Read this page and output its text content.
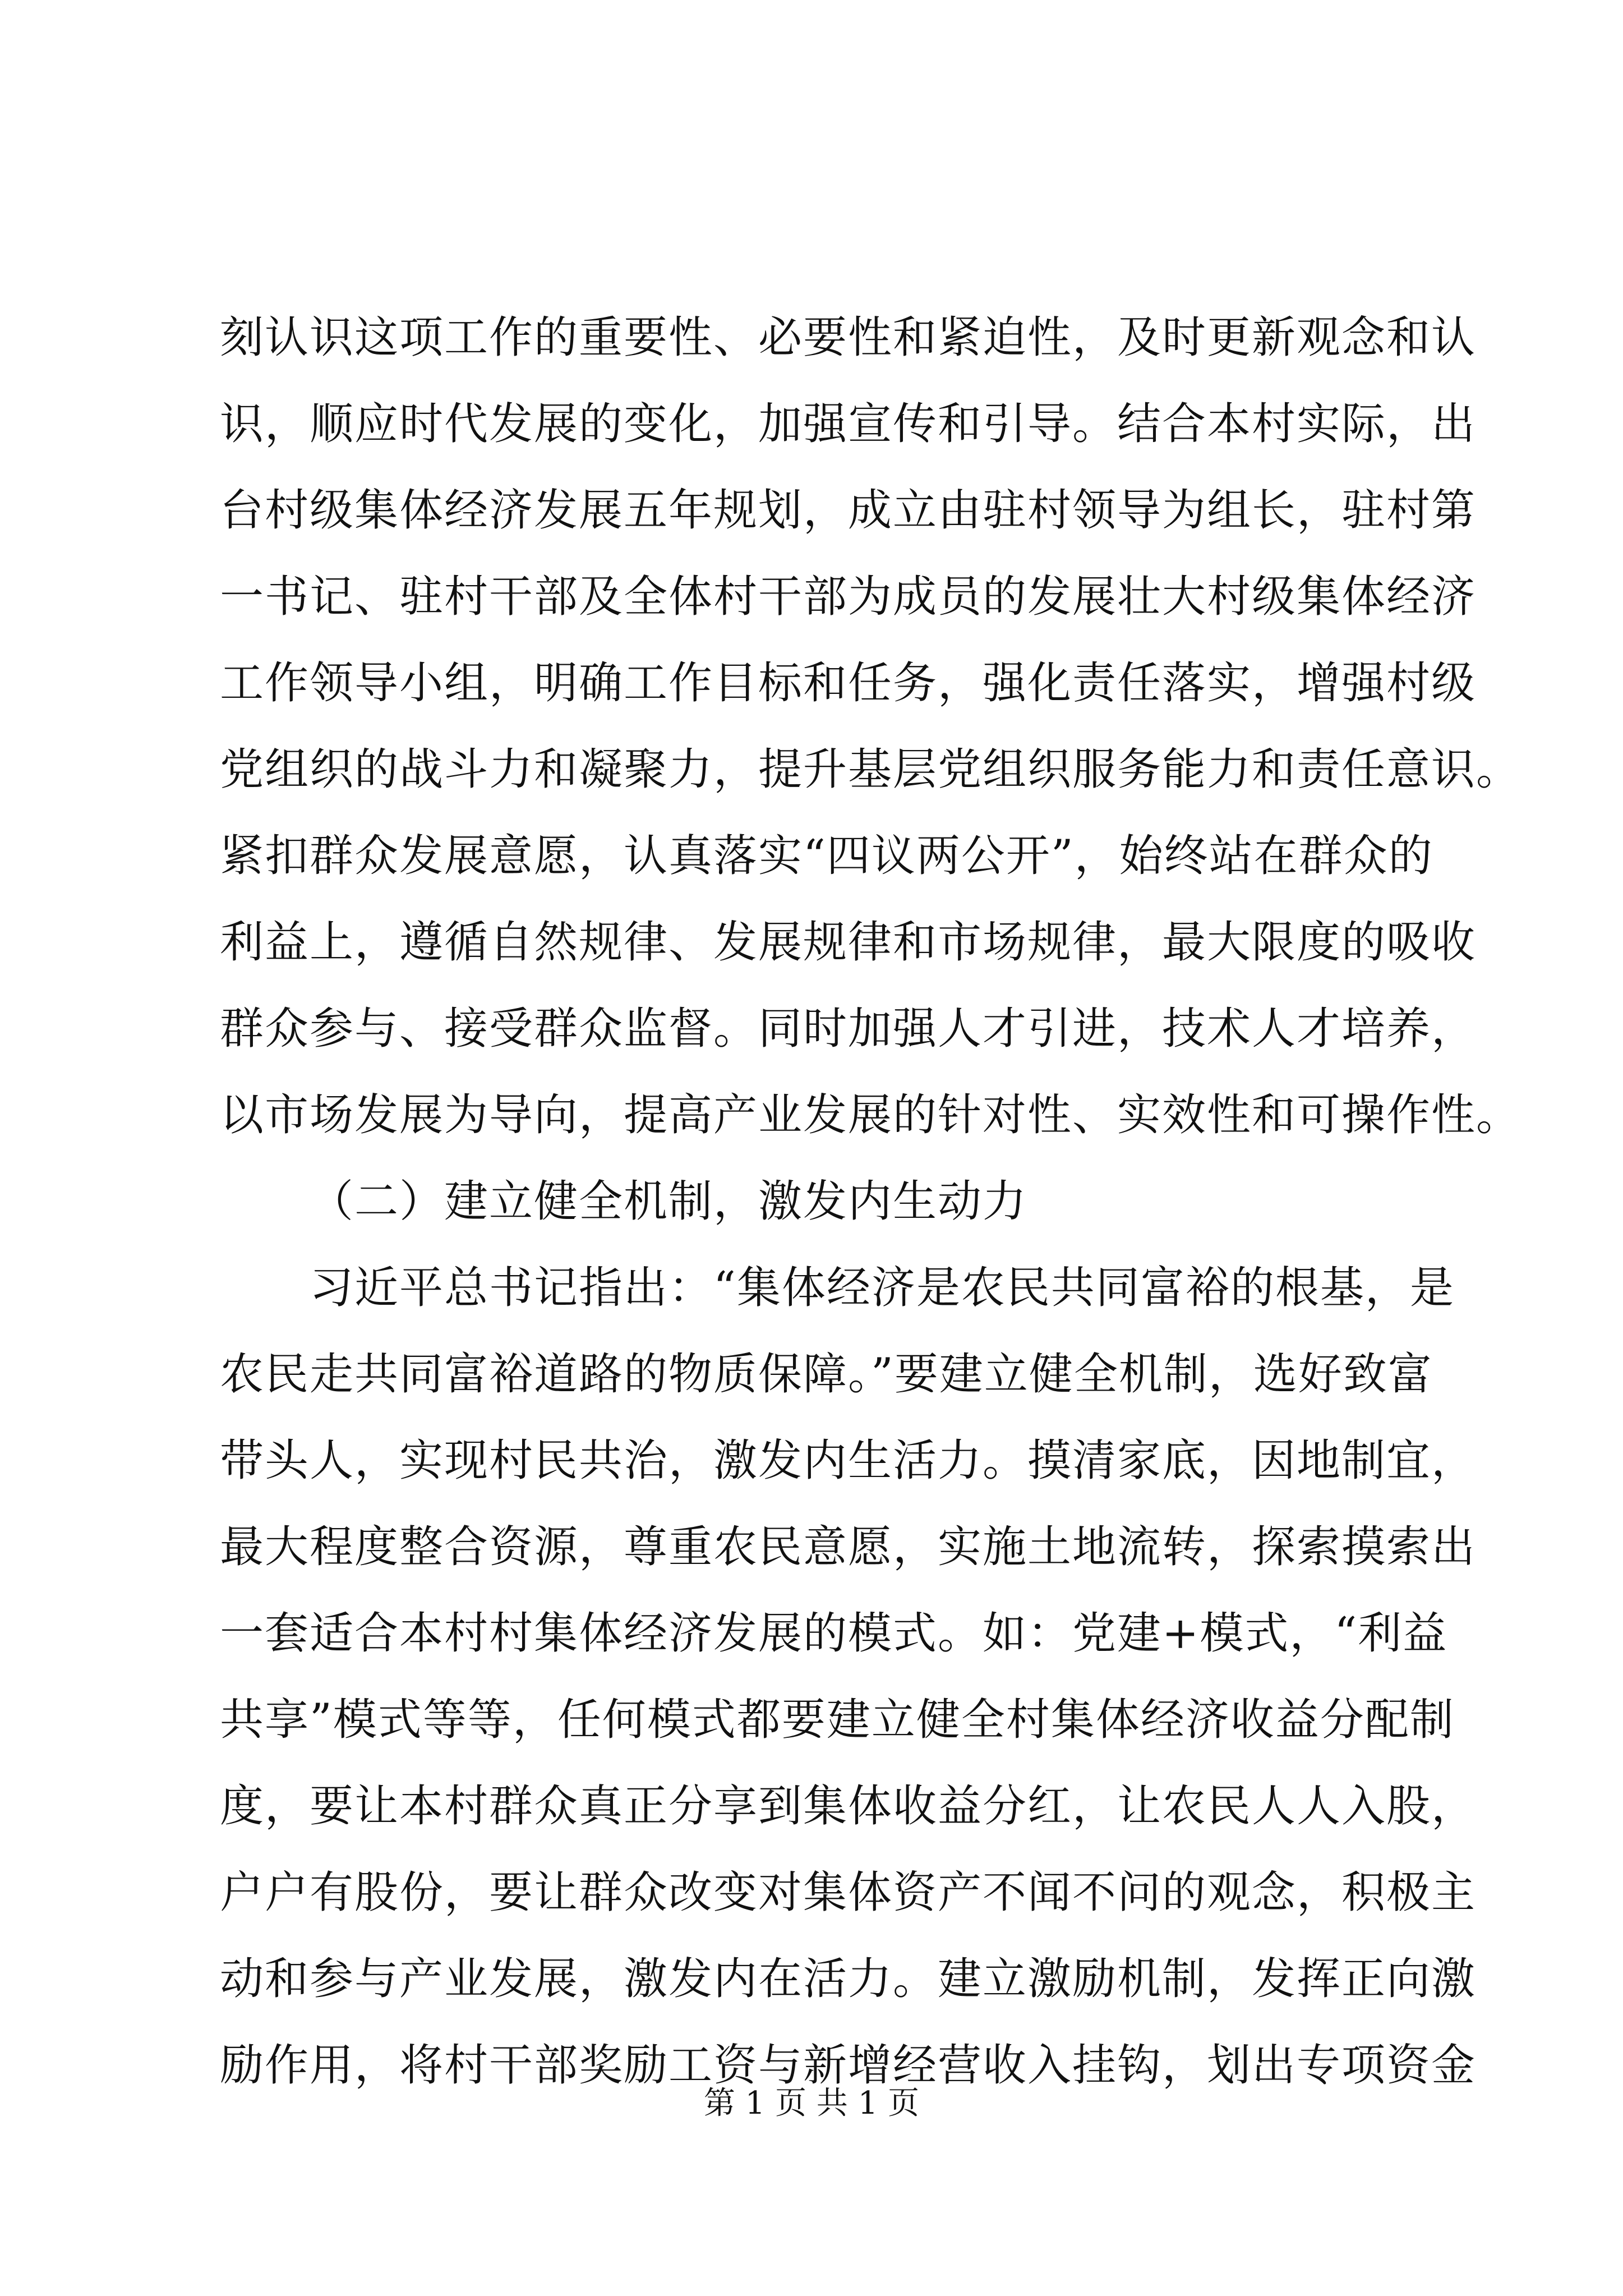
刻认识这项工作的重要性、必要性和紧迫性，及时更新观念和认
识，顺应时代发展的变化，加强宣传和引导。结合本村实际，出
台村级集体经济发展五年规划，成立由驻村领导为组长，驻村第
一书记、驻村干部及全体村干部为成员的发展壮大村级集体经济
工作领导小组，明确工作目标和任务，强化责任落实，增强村级
党组织的战斗力和凝聚力，提升基层党组织服务能力和责任意识。
紧扣群众发展意愿，认真落实“四议两公开”，始终站在群众的
利益上，遵循自然规律、发展规律和市场规律，最大限度的吸收
群众参与、接受群众监督。同时加强人才引进，技术人才培养，
以市场发展为导向，提高产业发展的针对性、实效性和可操作性。
（二）建立健全机制，激发内生动力
习近平总书记指出：“集体经济是农民共同富裕的根基，是
农民走共同富裕道路的物质保障。”要建立健全机制，选好致富
带头人，实现村民共治，激发内生活力。摸清家底，因地制宜，
最大程度整合资源，尊重农民意愿，实施土地流转，探索摸索出
一套适合本村村集体经济发展的模式。如：党建+模式，“利益
共享”模式等等，任何模式都要建立健全村集体经济收益分配制
度，要让本村群众真正分享到集体收益分红，让农民人人入股，
户户有股份，要让群众改变对集体资产不闻不问的观念，积极主
动和参与产业发展，激发内在活力。建立激励机制，发挥正向激
励作用，将村干部奖励工资与新增经营收入挂钩，划出专项资金
第 1 页 共 1 页
